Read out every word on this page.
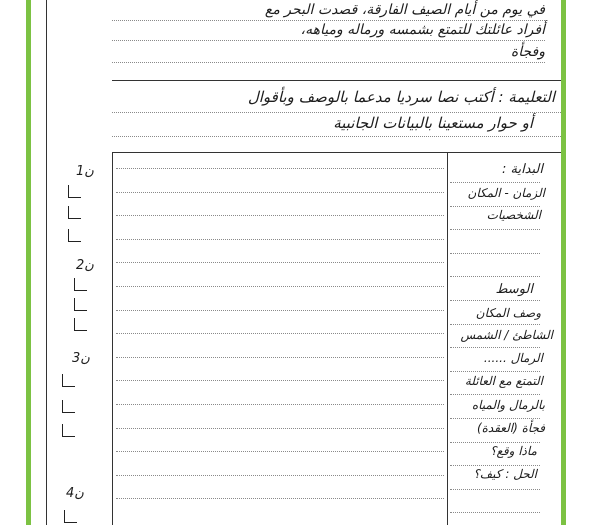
في يوم من أيام الصيف الفارقة، قصدت البحر مع
أفراد عائلتك للتمتع بشمسه ورماله ومياهه،
وفجأة
التعليمة : أكتب نصا سرديا مدعما بالوصف وبأقوال
أو حوار مستعينا بالبيانات الجانبية
البداية :
الزمان - المكان
الشخصيات
الوسط
وصف المكان
الشاطئ / الشمس
الرمال ......
التمتع مع العائلة
بالرمال والمياه
فجأة (العقدة)
ماذا وقع؟
الحل : كيف؟
1ن
2ن
3ن
4ن
